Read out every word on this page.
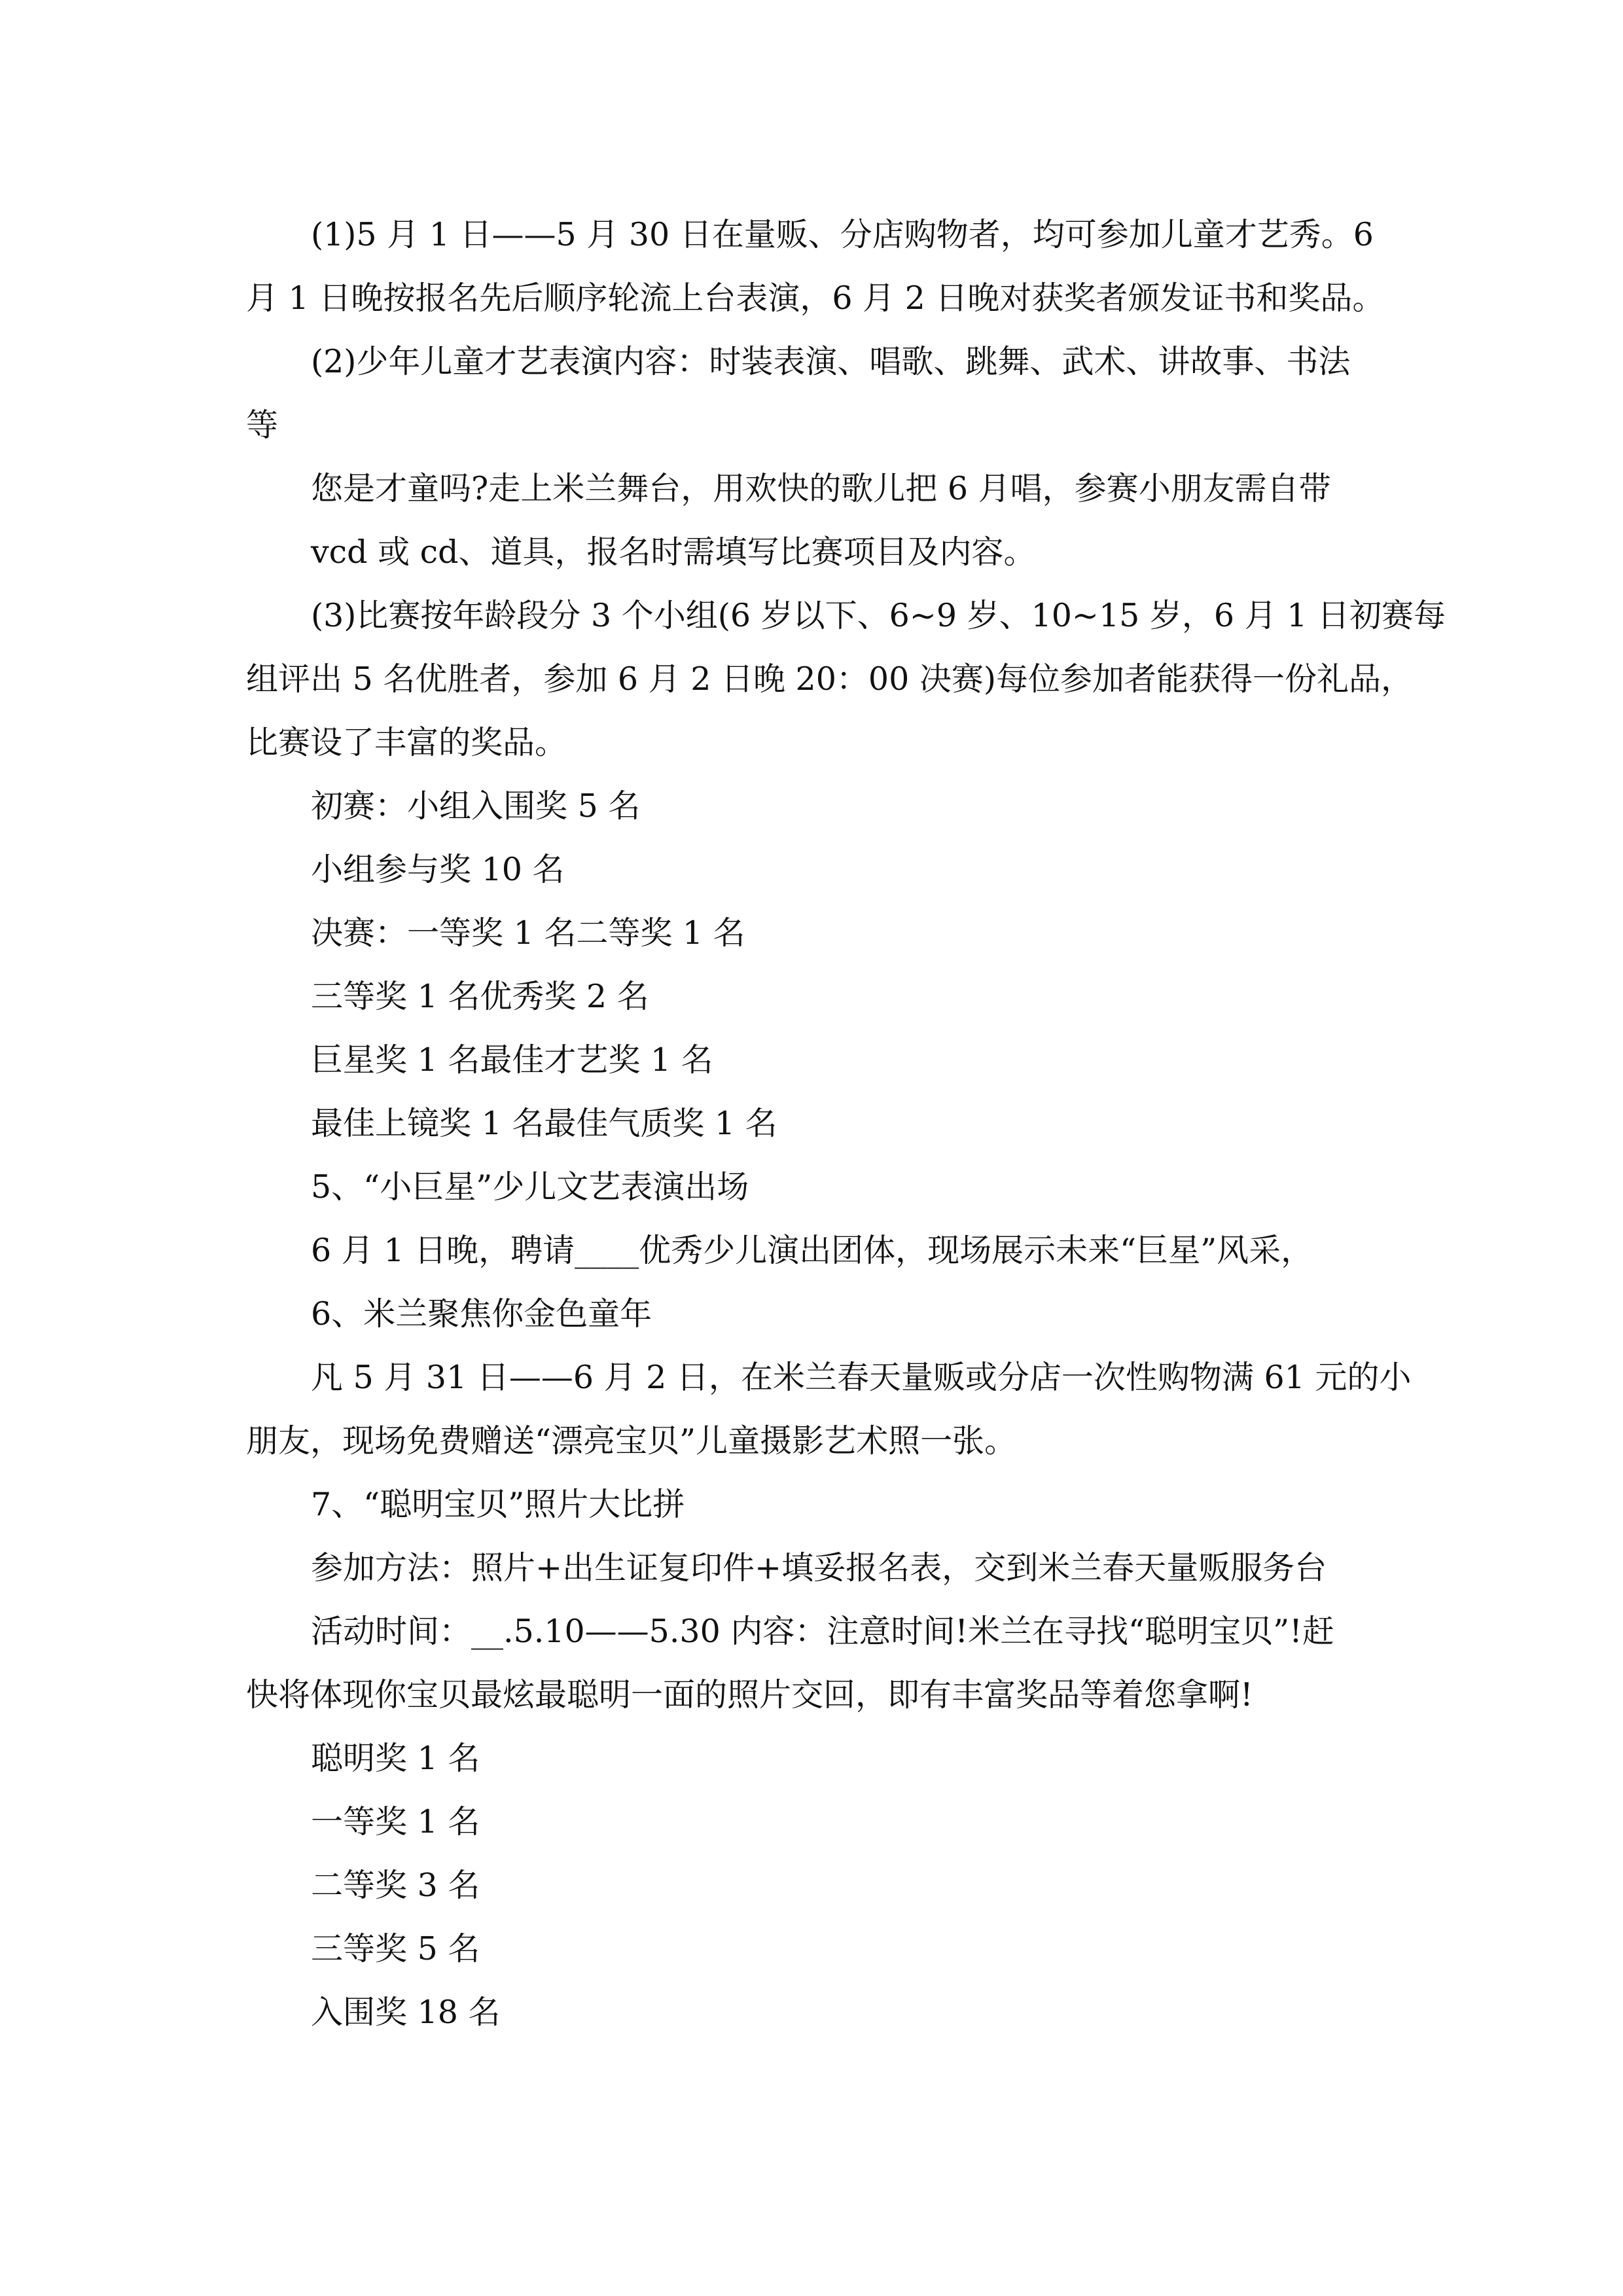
(1)5 月 1 日——5 月 30 日在量贩、分店购物者，均可参加儿童才艺秀。6
月 1 日晚按报名先后顺序轮流上台表演，6 月 2 日晚对获奖者颁发证书和奖品。
(2)少年儿童才艺表演内容：时装表演、唱歌、跳舞、武术、讲故事、书法
等
您是才童吗?走上米兰舞台，用欢快的歌儿把 6 月唱，参赛小朋友需自带
vcd 或 cd、道具，报名时需填写比赛项目及内容。
(3)比赛按年龄段分 3 个小组(6 岁以下、6~9 岁、10~15 岁，6 月 1 日初赛每
组评出 5 名优胜者，参加 6 月 2 日晚 20：00 决赛)每位参加者能获得一份礼品，
比赛设了丰富的奖品。
初赛：小组入围奖 5 名
小组参与奖 10 名
决赛：一等奖 1 名二等奖 1 名
三等奖 1 名优秀奖 2 名
巨星奖 1 名最佳才艺奖 1 名
最佳上镜奖 1 名最佳气质奖 1 名
5、“小巨星”少儿文艺表演出场
6 月 1 日晚，聘请____优秀少儿演出团体，现场展示未来“巨星”风采，
6、米兰聚焦你金色童年
凡 5 月 31 日——6 月 2 日，在米兰春天量贩或分店一次性购物满 61 元的小
朋友，现场免费赠送“漂亮宝贝”儿童摄影艺术照一张。
7、“聪明宝贝”照片大比拼
参加方法：照片+出生证复印件+填妥报名表，交到米兰春天量贩服务台
活动时间：__.5.10——5.30 内容：注意时间!米兰在寻找“聪明宝贝”!赶
快将体现你宝贝最炫最聪明一面的照片交回，即有丰富奖品等着您拿啊!
聪明奖 1 名
一等奖 1 名
二等奖 3 名
三等奖 5 名
入围奖 18 名
